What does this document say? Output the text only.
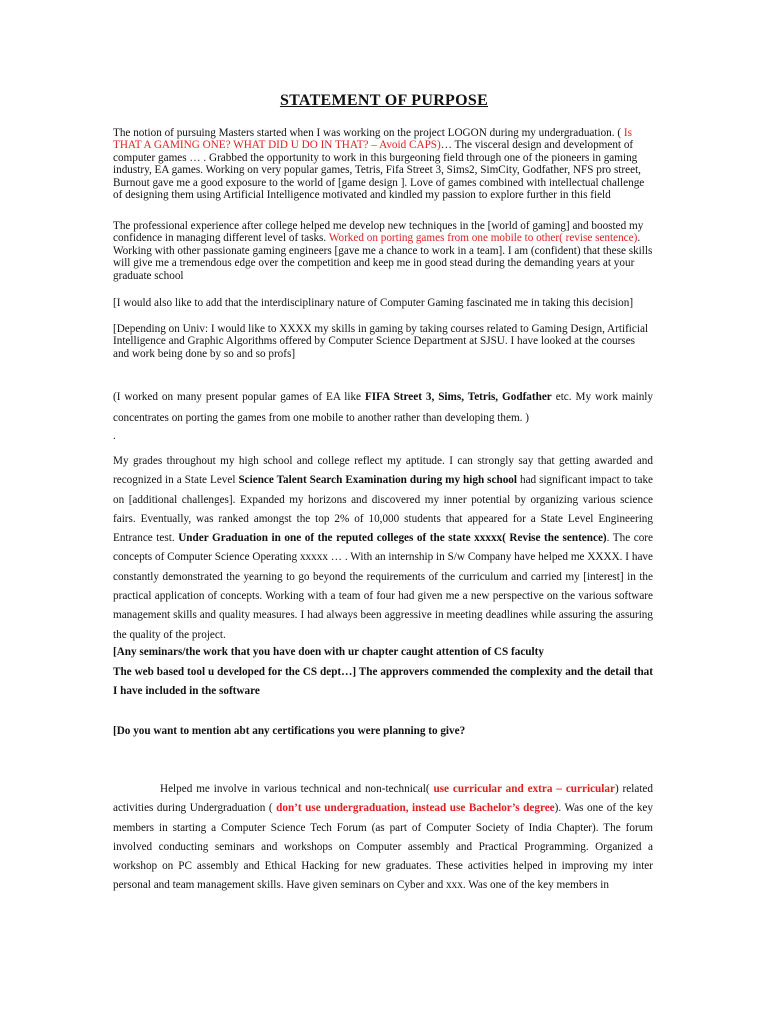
STATEMENT OF PURPOSE
The notion of pursuing Masters started when I was working on the project LOGON during my undergraduation. ( Is THAT A GAMING ONE? WHAT DID U DO IN THAT? – Avoid CAPS)… The visceral design and development of computer games … . Grabbed the opportunity to work in this burgeoning field through one of the pioneers in gaming industry, EA games. Working on very popular games, Tetris, Fifa Street 3, Sims2, SimCity, Godfather, NFS pro street, Burnout gave me a good exposure to the world of [game design ]. Love of games combined with intellectual challenge of designing them using Artificial Intelligence motivated and kindled my passion to explore further in this field
The professional experience after college helped me develop new techniques in the [world of gaming] and boosted my confidence in managing different level of tasks. Worked on porting games from one mobile to other( revise sentence). Working with other passionate gaming engineers [gave me a chance to work in a team]. I am (confident) that these skills will give me a tremendous edge over the competition and keep me in good stead during the demanding years at your graduate school
[I would also like to add that the interdisciplinary nature of Computer Gaming fascinated me in taking this decision]
[Depending on Univ: I would like to XXXX my skills in gaming by taking courses related to Gaming Design, Artificial Intelligence and Graphic Algorithms offered by Computer Science Department at SJSU. I have looked at the courses and work being done by so and so profs]
(I worked on many present popular games of EA like FIFA Street 3, Sims, Tetris, Godfather etc. My work mainly concentrates on porting the games from one mobile to another rather than developing them. )
.
My grades throughout my high school and college reflect my aptitude. I can strongly say that getting awarded and recognized in a State Level Science Talent Search Examination during my high school had significant impact to take on [additional challenges]. Expanded my horizons and discovered my inner potential by organizing various science fairs. Eventually, was ranked amongst the top 2% of 10,000 students that appeared for a State Level Engineering Entrance test. Under Graduation in one of the reputed colleges of the state xxxxx( Revise the sentence). The core concepts of Computer Science Operating xxxxx … . With an internship in S/w Company have helped me XXXX. I have constantly demonstrated the yearning to go beyond the requirements of the curriculum and carried my [interest] in the practical application of concepts. Working with a team of four had given me a new perspective on the various software management skills and quality measures. I had always been aggressive in meeting deadlines while assuring the assuring the quality of the project.
[Any seminars/the work that you have doen with ur chapter caught attention of CS faculty
The web based tool u developed for the CS dept…] The approvers commended the complexity and the detail that I have included in the software
[Do you want to mention abt any certifications you were planning to give?
Helped me involve in various technical and non-technical( use curricular and extra – curricular) related activities during Undergraduation ( don’t use undergraduation, instead use Bachelor’s degree). Was one of the key members in starting a Computer Science Tech Forum (as part of Computer Society of India Chapter). The forum involved conducting seminars and workshops on Computer assembly and Practical Programming. Organized a workshop on PC assembly and Ethical Hacking for new graduates. These activities helped in improving my inter personal and team management skills. Have given seminars on Cyber and xxx. Was one of the key members in
